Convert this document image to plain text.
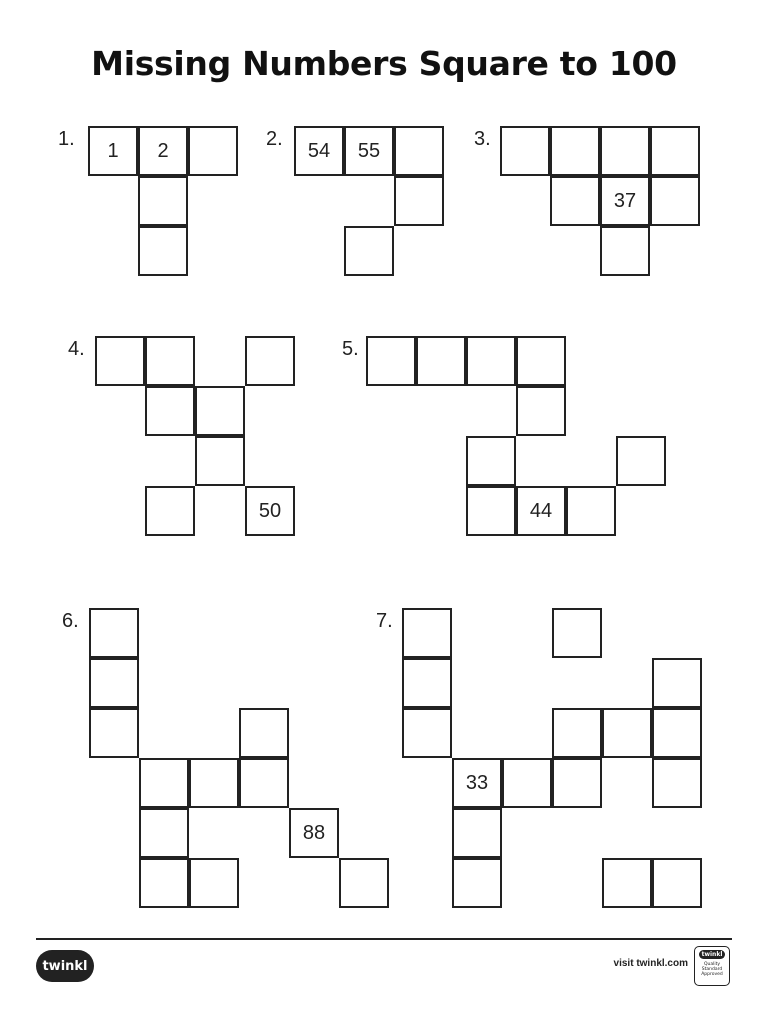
Missing Numbers Square to 100
1.
1	2
2.
54	55
3.
37
4.
50
5.
44
6.
88
7.
33
twinkl	visit twinkl.com
twinkl
Quality Standard Approved
